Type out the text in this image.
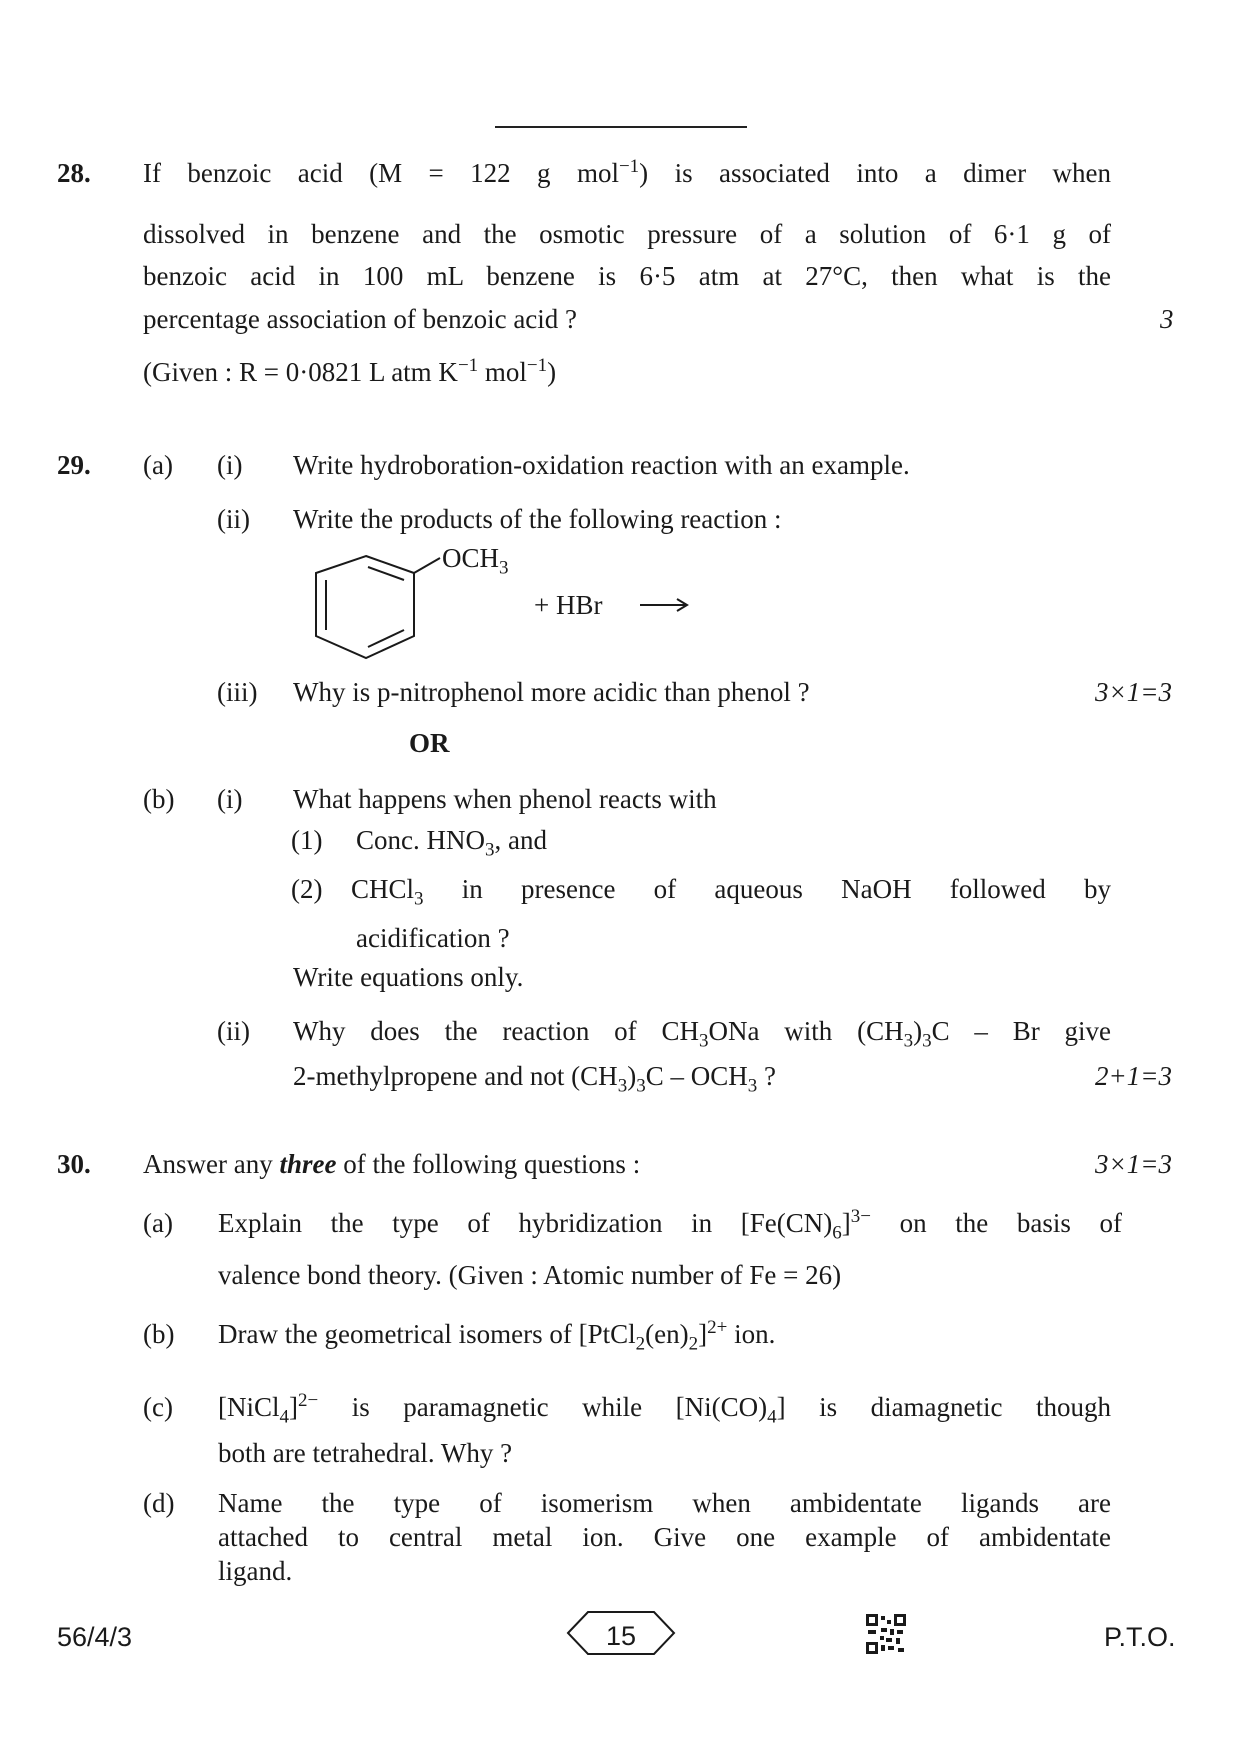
28. If benzoic acid (M = 122 g mol$^{-1}$) is associated into a dimer when
dissolved in benzene and the osmotic pressure of a solution of 6·1 g of
benzoic acid in 100 mL benzene is 6·5 atm at 27°C, then what is the
percentage association of benzoic acid ?	3
(Given : R = 0·0821 L atm $K^{-1}$ mol$^{-1}$)
29. (a) (i) Write hydroboration-oxidation reaction with an example.
(ii) Write the products of the following reaction :
$OCH_3$
+ HBr
(iii) Why is p-nitrophenol more acidic than phenol ?	3×1=3
OR
(b) (i) What happens when phenol reacts with
(1) Conc. $HNO_3$, and
(2) CHCl$_3$ in presence of aqueous NaOH followed by
acidification ?
Write equations only.
(ii) Why does the reaction of $CH_3ONa$ with $(CH_3)_3C$ – Br give
2-methylpropene and not $(CH_3)_3C - OCH_3$ ?	2+1=3
30. Answer any three of the following questions :	3×1=3
(a) Explain the type of hybridization in $[Fe(CN)_6]^{3-}$ on the basis of
valence bond theory. (Given : Atomic number of Fe = 26)
(b) Draw the geometrical isomers of $[PtCl_2(en)_2]^{2+}$ ion.
(c) [NiCl$_4$]$^{2-}$ is paramagnetic while $[Ni(CO)_4]$ is diamagnetic though
both are tetrahedral. Why ?
(d) Name the type of isomerism when ambidentate ligands are
attached to central metal ion. Give one example of ambidentate
ligand.
56/4/3	15	P.T.O.
